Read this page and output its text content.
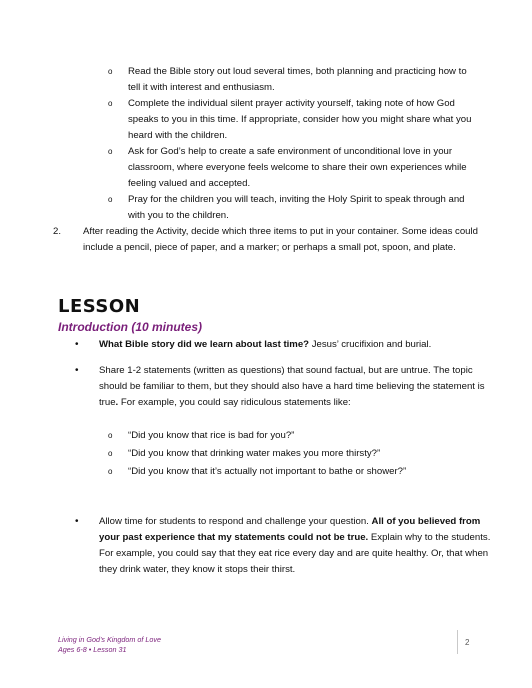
o	Read the Bible story out loud several times, both planning and practicing how to tell it with interest and enthusiasm.
o	Complete the individual silent prayer activity yourself, taking note of how God speaks to you in this time. If appropriate, consider how you might share what you heard with the children.
o	Ask for God’s help to create a safe environment of unconditional love in your classroom, where everyone feels welcome to share their own experiences while feeling valued and accepted.
o	Pray for the children you will teach, inviting the Holy Spirit to speak through and with you to the children.
2.	After reading the Activity, decide which three items to put in your container. Some ideas could include a pencil, piece of paper, and a marker; or perhaps a small pot, spoon, and plate.
LESSON
Introduction (10 minutes)
•	What Bible story did we learn about last time? Jesus’ crucifixion and burial.
•	Share 1-2 statements (written as questions) that sound factual, but are untrue. The topic should be familiar to them, but they should also have a hard time believing the statement is true. For example, you could say ridiculous statements like:
o	“Did you know that rice is bad for you?”
o	“Did you know that drinking water makes you more thirsty?”
o	“Did you know that it’s actually not important to bathe or shower?”
•	Allow time for students to respond and challenge your question. All of you believed from your past experience that my statements could not be true. Explain why to the students. For example, you could say that they eat rice every day and are quite healthy. Or, that when they drink water, they know it stops their thirst.
Living in God’s Kingdom of Love
Ages 6-8 • Lesson 31
2
